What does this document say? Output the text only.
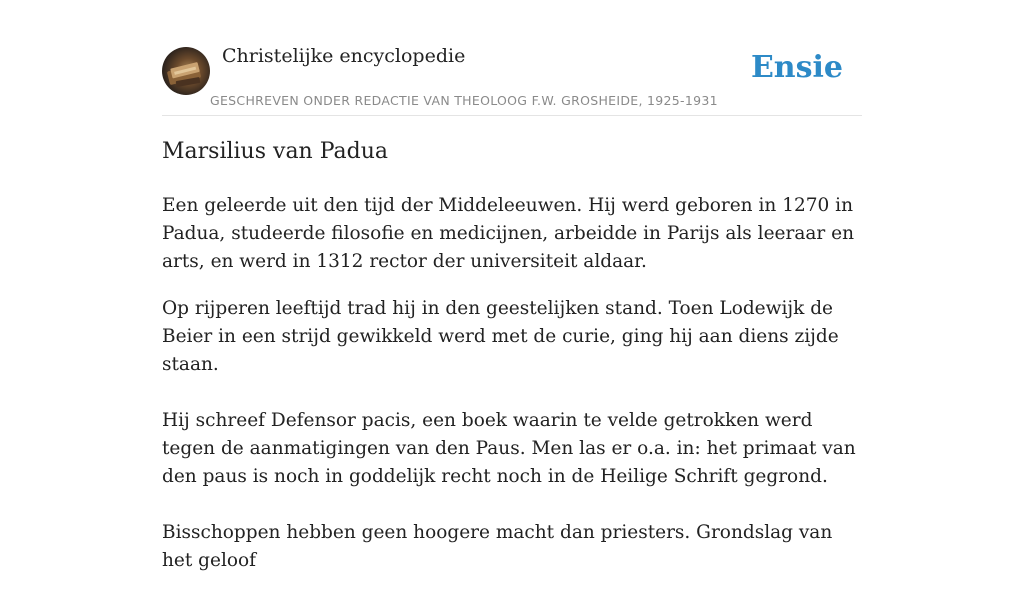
Christelijke encyclopedie
GESCHREVEN ONDER REDACTIE VAN THEOLOOG F.W. GROSHEIDE, 1925-1931
Ensie
Marsilius van Padua

Een geleerde uit den tijd der Middeleeuwen. Hij werd geboren in 1270 in Padua, studeerde filosofie en medicijnen, arbeidde in Parijs als leeraar en arts, en werd in 1312 rector der universiteit aldaar.

Op rijperen leeftijd trad hij in den geestelijken stand. Toen Lodewijk de Beier in een strijd gewikkeld werd met de curie, ging hij aan diens zijde staan.

Hij schreef Defensor pacis, een boek waarin te velde getrokken werd tegen de aanmatigingen van den Paus. Men las er o.a. in: het primaat van den paus is noch in goddelijk recht noch in de Heilige Schrift gegrond.

Bisschoppen hebben geen hoogere macht dan priesters. Grondslag van het geloof
